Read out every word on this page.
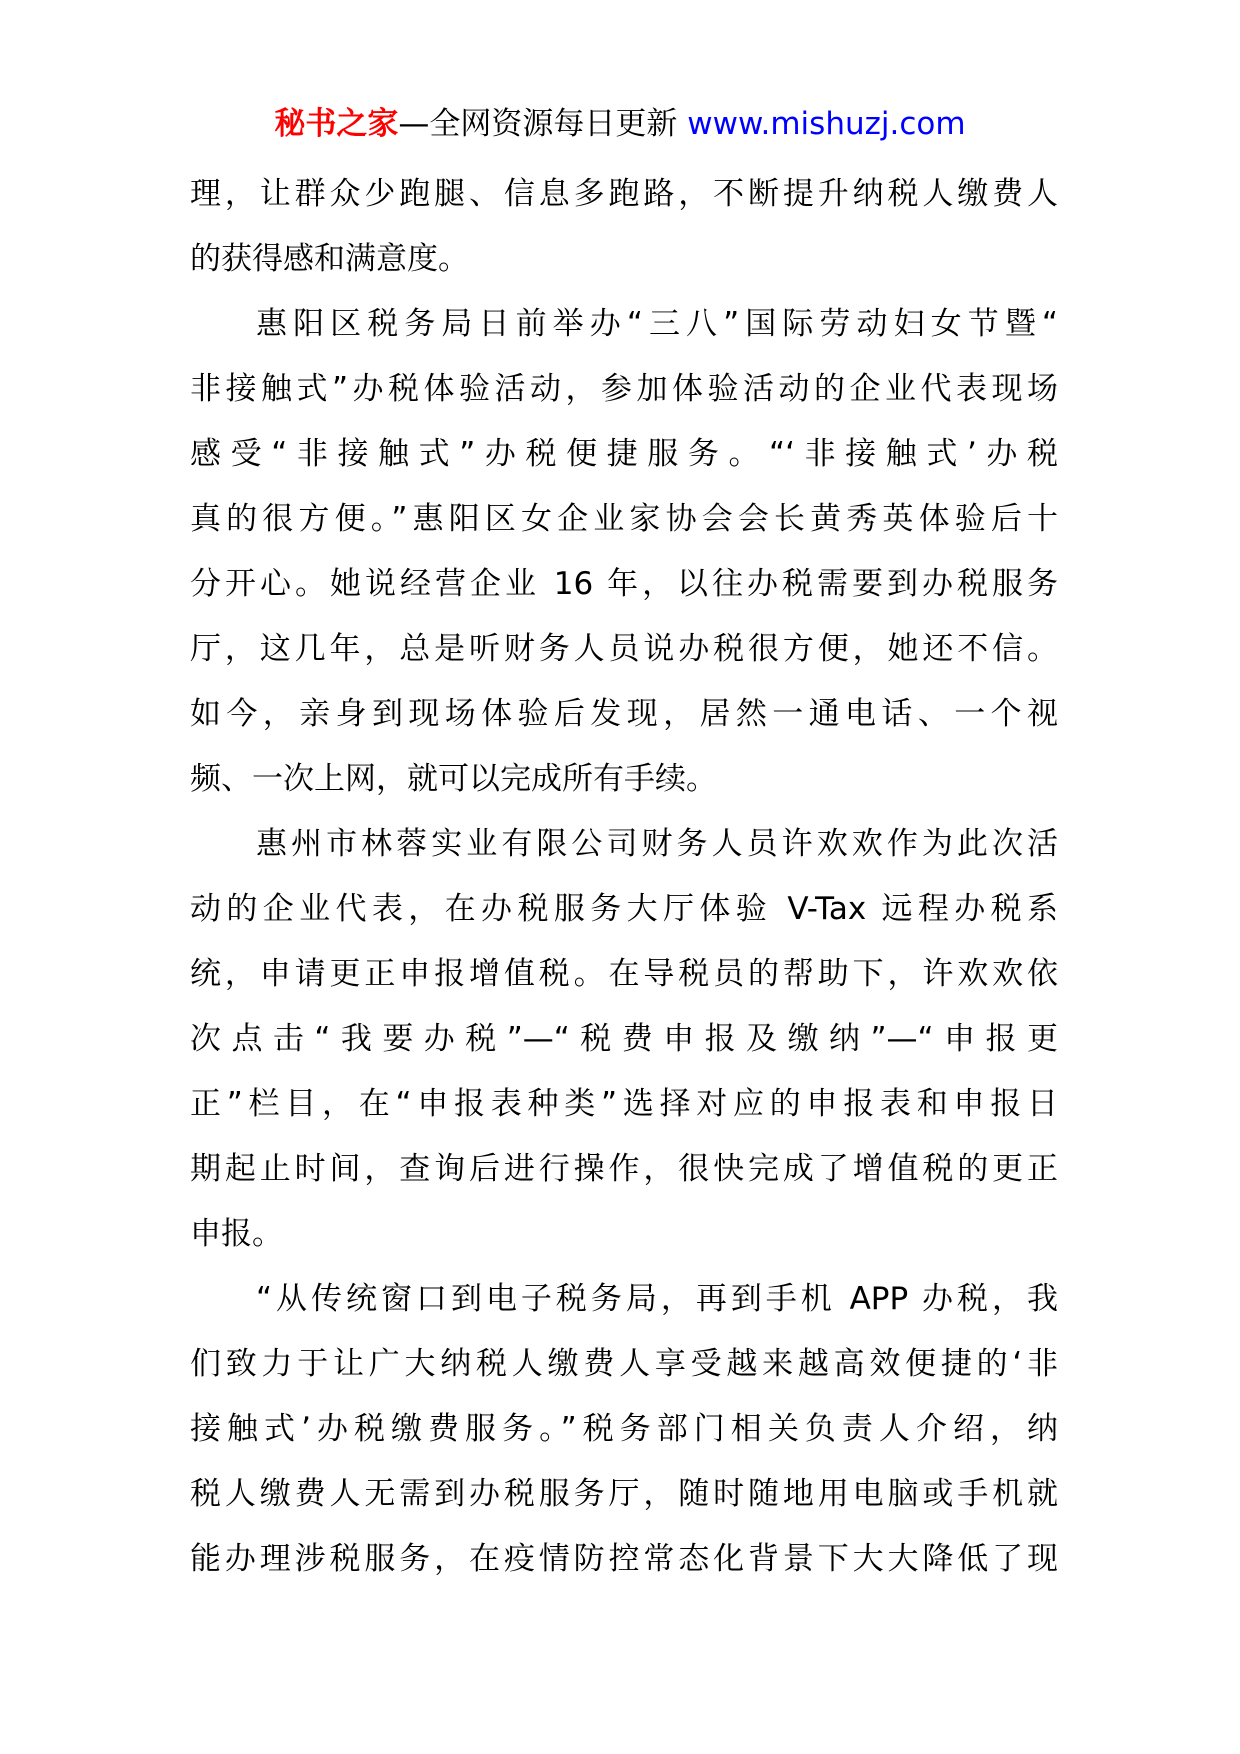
秘书之家—全网资源每日更新 www.mishuzj.com
理，让群众少跑腿、信息多跑路，不断提升纳税人缴费人
的获得感和满意度。
惠阳区税务局日前举办“三八”国际劳动妇女节暨“
非接触式”办税体验活动，参加体验活动的企业代表现场
感受“非接触式”办税便捷服务。“‘非接触式’办税
真的很方便。”惠阳区女企业家协会会长黄秀英体验后十
分开心。她说经营企业 16 年，以往办税需要到办税服务
厅，这几年，总是听财务人员说办税很方便，她还不信。
如今，亲身到现场体验后发现，居然一通电话、一个视
频、一次上网，就可以完成所有手续。
惠州市林蓉实业有限公司财务人员许欢欢作为此次活
动的企业代表，在办税服务大厅体验 V-Tax 远程办税系
统，申请更正申报增值税。在导税员的帮助下，许欢欢依
次点击“我要办税”—“税费申报及缴纳”—“申报更
正”栏目，在“申报表种类”选择对应的申报表和申报日
期起止时间，查询后进行操作，很快完成了增值税的更正
申报。
“从传统窗口到电子税务局，再到手机 APP 办税，我
们致力于让广大纳税人缴费人享受越来越高效便捷的‘非
接触式’办税缴费服务。”税务部门相关负责人介绍，纳
税人缴费人无需到办税服务厅，随时随地用电脑或手机就
能办理涉税服务，在疫情防控常态化背景下大大降低了现
